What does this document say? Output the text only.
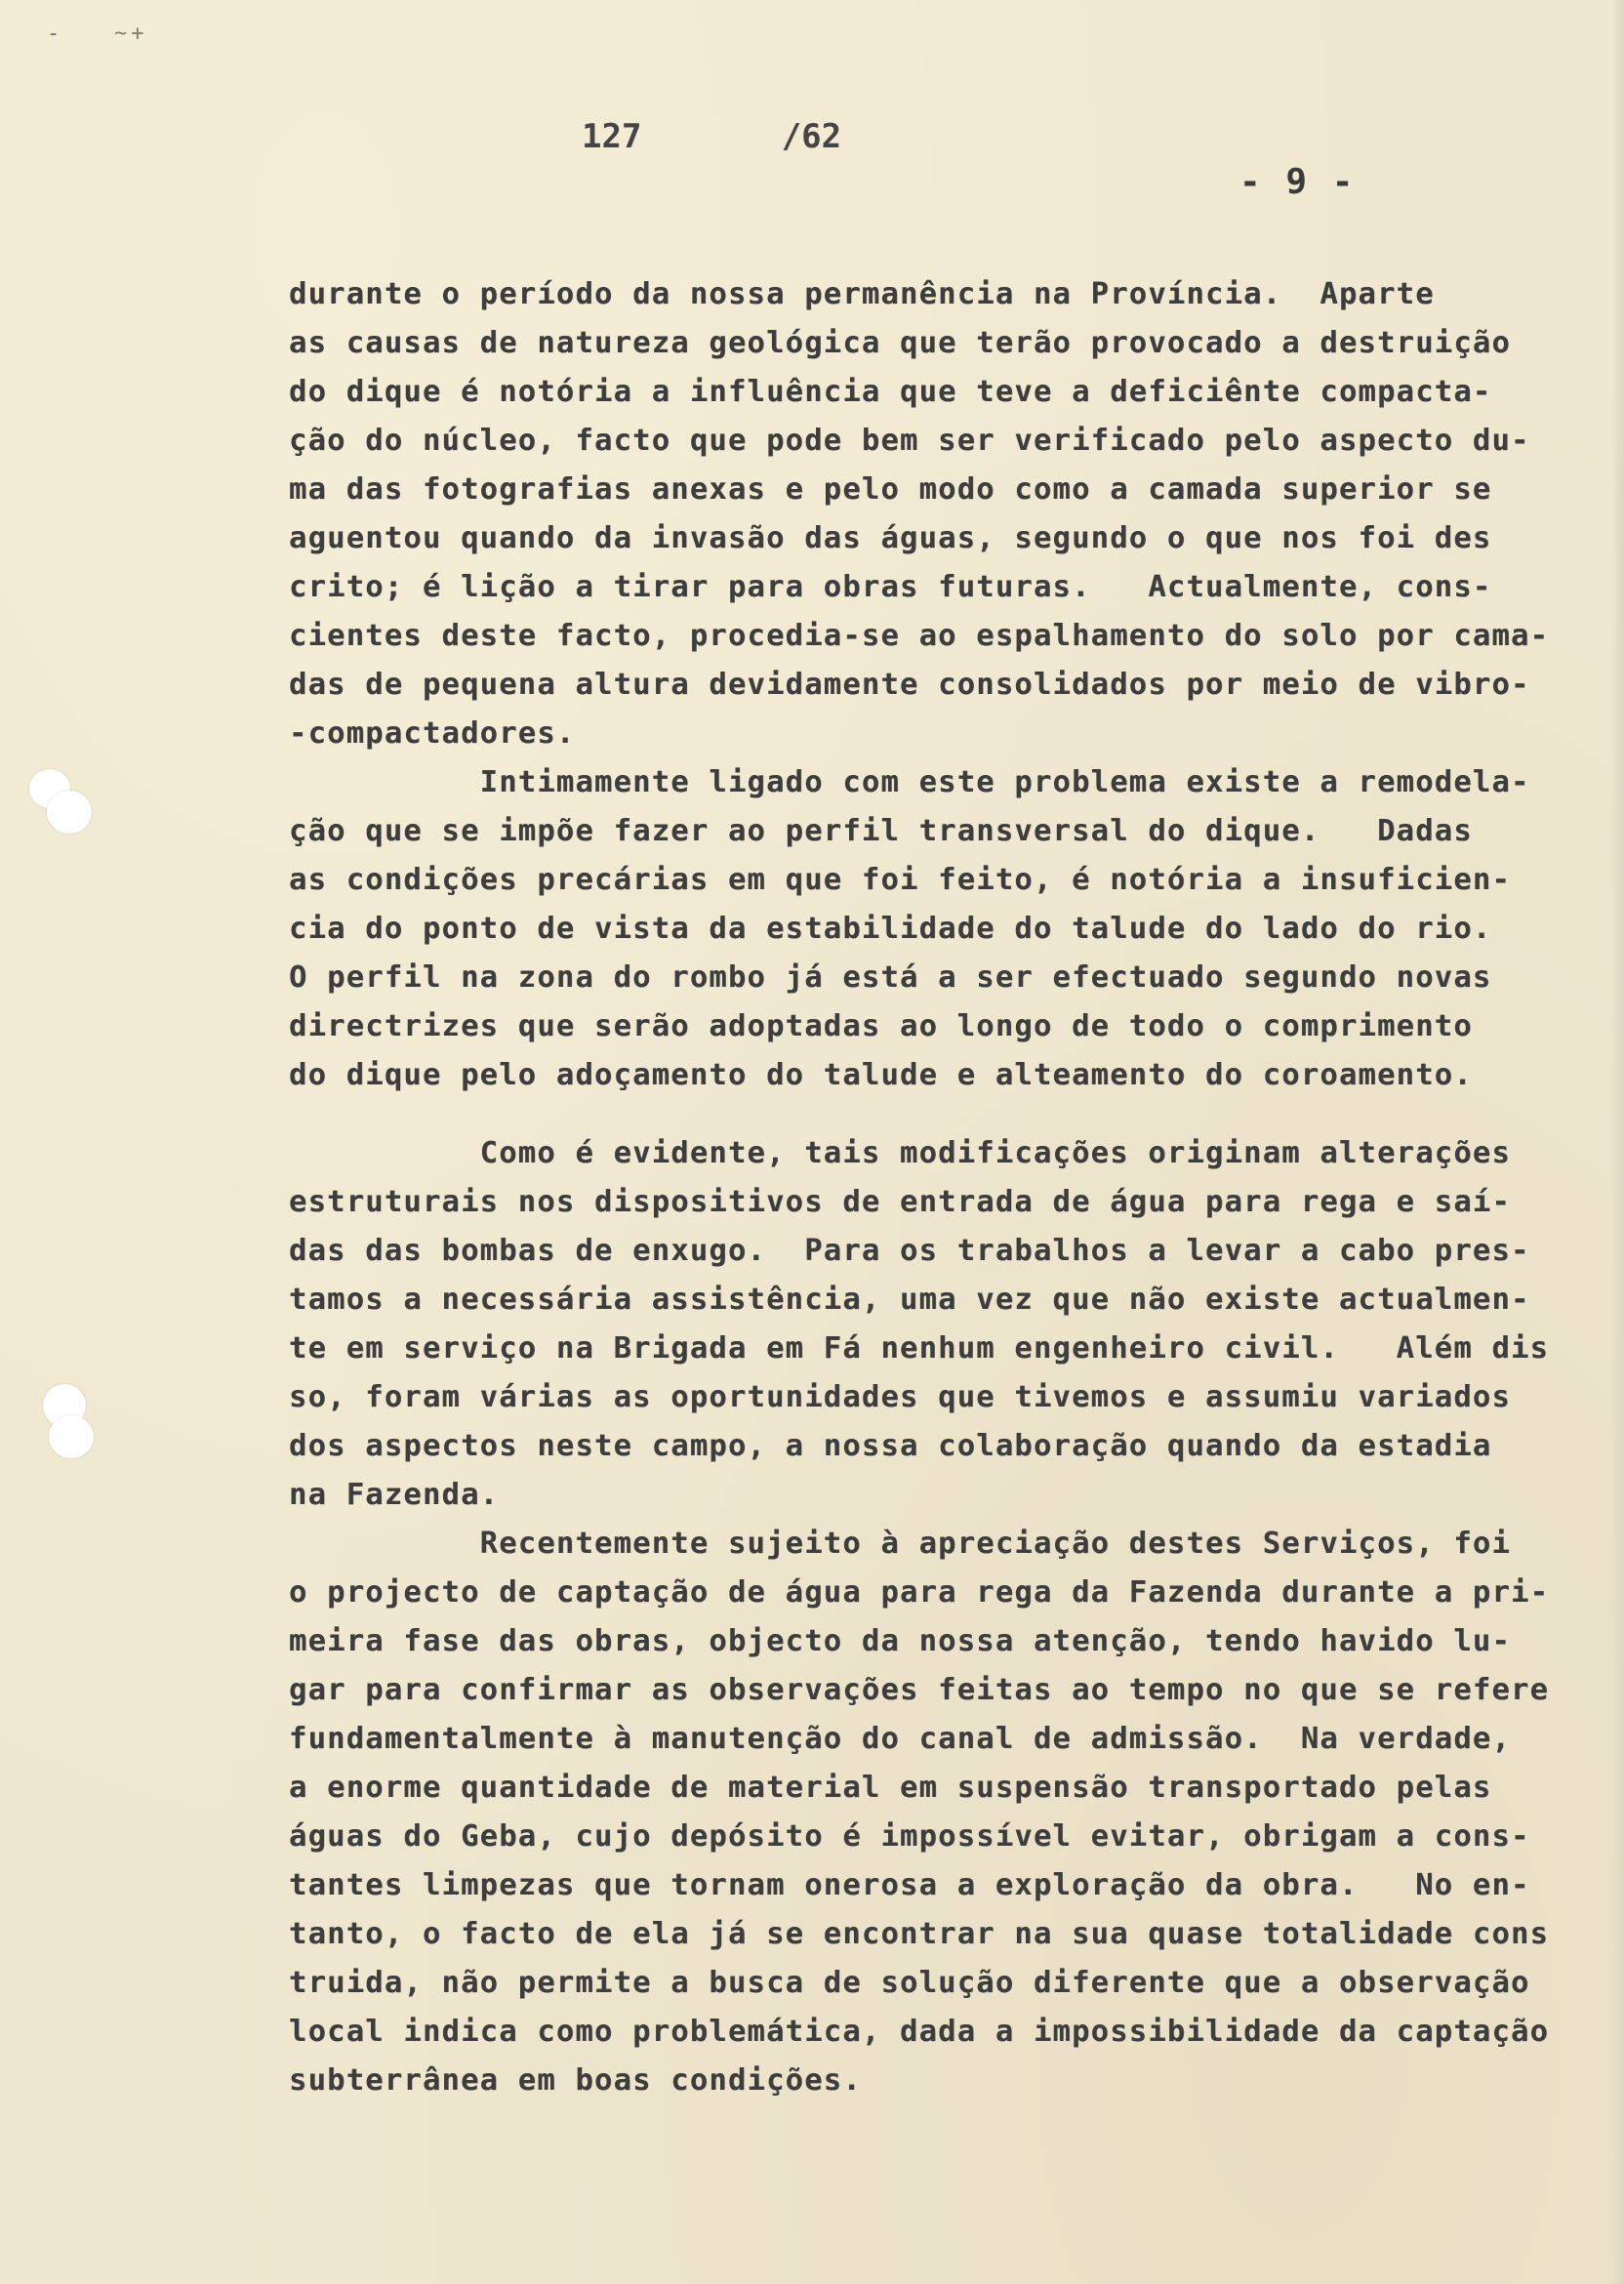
-   ~+
127       /62
- 9 -
durante o período da nossa permanência na Província.  Aparte
as causas de natureza geológica que terão provocado a destruição
do dique é notória a influência que teve a deficiênte compacta-
ção do núcleo, facto que pode bem ser verificado pelo aspecto du-
ma das fotografias anexas e pelo modo como a camada superior se
aguentou quando da invasão das águas, segundo o que nos foi des
crito; é lição a tirar para obras futuras.   Actualmente, cons-
cientes deste facto, procedia-se ao espalhamento do solo por cama-
das de pequena altura devidamente consolidados por meio de vibro-
-compactadores.
Intimamente ligado com este problema existe a remodela-
ção que se impõe fazer ao perfil transversal do dique.   Dadas
as condições precárias em que foi feito, é notória a insuficien-
cia do ponto de vista da estabilidade do talude do lado do rio.
O perfil na zona do rombo já está a ser efectuado segundo novas
directrizes que serão adoptadas ao longo de todo o comprimento
do dique pelo adoçamento do talude e alteamento do coroamento.
Como é evidente, tais modificações originam alterações
estruturais nos dispositivos de entrada de água para rega e saí-
das das bombas de enxugo.  Para os trabalhos a levar a cabo pres-
tamos a necessária assistência, uma vez que não existe actualmen-
te em serviço na Brigada em Fá nenhum engenheiro civil.   Além dis
so, foram várias as oportunidades que tivemos e assumiu variados
dos aspectos neste campo, a nossa colaboração quando da estadia
na Fazenda.
Recentemente sujeito à apreciação destes Serviços, foi
o projecto de captação de água para rega da Fazenda durante a pri-
meira fase das obras, objecto da nossa atenção, tendo havido lu-
gar para confirmar as observações feitas ao tempo no que se refere
fundamentalmente à manutenção do canal de admissão.  Na verdade,
a enorme quantidade de material em suspensão transportado pelas
águas do Geba, cujo depósito é impossível evitar, obrigam a cons-
tantes limpezas que tornam onerosa a exploração da obra.   No en-
tanto, o facto de ela já se encontrar na sua quase totalidade cons
truida, não permite a busca de solução diferente que a observação
local indica como problemática, dada a impossibilidade da captação
subterrânea em boas condições.
